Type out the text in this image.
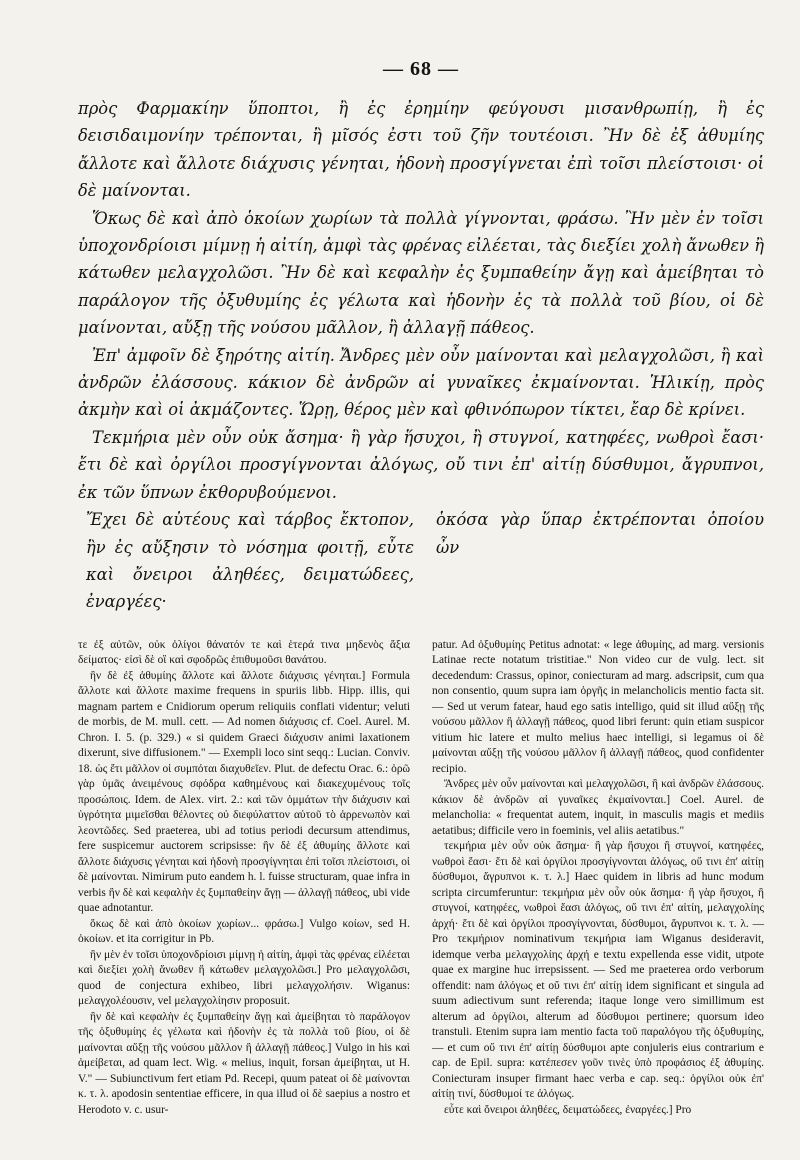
— 68 —

πρὸς Φαρμακίην ὕποπτοι, ἢ ἐς ἐρημίην φεύγουσι μισανθρωπίῃ, ἢ ἐς δεισιδαιμονίην τρέπονται, ἢ μῖσός ἐστι τοῦ ζῆν τουτέοισι. Ἢν δὲ ἐξ ἀθυμίης ἄλλοτε καὶ ἄλλοτε διάχυσις γένηται, ἡδονὴ προσγίγνεται ἐπὶ τοῖσι πλείστοισι· οἱ δὲ μαίνονται.

Ὅκως δὲ καὶ ἀπὸ ὁκοίων χωρίων τὰ πολλὰ γίγνονται, φράσω. Ἢν μὲν ἐν τοῖσι ὑποχονδρίοισι μίμνῃ ἡ αἰτίη, ἀμφὶ τὰς φρένας εἰλέεται, τὰς διεξίει χολὴ ἄνωθεν ἢ κάτωθεν μελαγχολῶσι. Ἢν δὲ καὶ κεφαλὴν ἐς ξυμπαθείην ἄγῃ καὶ ἀμείβηται τὸ παράλογον τῆς ὀξυθυμίης ἐς γέλωτα καὶ ἡδονὴν ἐς τὰ πολλὰ τοῦ βίου, οἱ δὲ μαίνονται, αὔξῃ τῆς νούσου μᾶλλον, ἢ ἀλλαγῇ πάθεος.

Ἐπ' ἀμφοῖν δὲ ξηρότης αἰτίη. Ἄνδρες μὲν οὖν μαίνονται καὶ μελαγχολῶσι, ἢ καὶ ἀνδρῶν ἐλάσσους. κάκιον δὲ ἀνδρῶν αἱ γυναῖκες ἐκμαίνονται. Ἡλικίῃ, πρὸς ἀκμὴν καὶ οἱ ἀκμάζοντες. Ὥρῃ, θέρος μὲν καὶ φθινόπωρον τίκτει, ἔαρ δὲ κρίνει.

Τεκμήρια μὲν οὖν οὐκ ἄσημα· ἢ γὰρ ἥσυχοι, ἢ στυγνοί, κατηφέες, νωθροὶ ἔασι· ἔτι δὲ καὶ ὀργίλοι προσγίγνονται ἀλόγως, οὔ τινι ἐπ' αἰτίῃ δύσθυμοι, ἄγρυπνοι, ἐκ τῶν ὕπνων ἐκθορυβούμενοι.

Ἔχει δὲ αὐτέους καὶ τάρβος ἔκτοπον, ἢν ἐς αὔξησιν τὸ νόσημα φοιτῇ, εὖτε καὶ ὄνειροι ἀληθέες, δειματώδεες, ἐναργέες·
ὁκόσα γὰρ ὕπαρ ἐκτρέπονται ὁποίου ὦν

τε ἐξ αὐτῶν, οὐκ ὀλίγοι θάνατόν τε καὶ ἑτερά τινα μηδενὸς ἄξια δείματος· εἰσὶ δὲ οἳ καὶ σφοδρῶς ἐπιθυμοῦσι θανάτου.

ἢν δὲ ἐξ ἀθυμίης ἄλλοτε καὶ ἄλλοτε διάχυσις γένηται.] Formula ἄλλοτε καὶ ἄλλοτε maxime frequens in spuriis libb. Hipp. illis, qui magnam partem e Cnidiorum operum reliquiis conflati videntur; veluti de morbis, de M. mull. cett. — Ad nomen διάχυσις cf. Coel. Aurel. M. Chron. I. 5. (p. 329.) « si quidem Graeci διάχυσιν animi laxationem dixerunt, sive diffusionem." — Exempli loco sint seqq.: Lucian. Conviv. 18. ὡς ἔτι μᾶλλον οἱ συμπόται διαχυθεῖεν. Plut. de defectu Orac. 6.: ὁρῶ γὰρ ὑμᾶς ἀνειμένους σφόδρα καθημένους καὶ διακεχυμένους τοῖς προσώποις. Idem. de Alex. virt. 2.: καὶ τῶν ὀμμάτων τὴν διάχυσιν καὶ ὑγρότητα μιμεῖσθαι θέλοντες οὐ διεφύλαττον αὐτοῦ τὸ ἀρρενωπὸν καὶ λεοντῶδες. Sed praeterea, ubi ad totius periodi decursum attendimus, fere suspicemur auctorem scripsisse: ἢν δὲ ἐξ ἀθυμίης ἄλλοτε καὶ ἄλλοτε διάχυσις γένηται καὶ ἡδονὴ προσγίγνηται ἐπὶ τοῖσι πλείστοισι, οἱ δὲ μαίνονται. Nimirum puto eandem h. l. fuisse structuram, quae infra in verbis ἢν δὲ καὶ κεφαλὴν ἐς ξυμπαθείην ἄγῃ — ἀλλαγῇ πάθεος, ubi vide quae adnotantur.

ὅκως δὲ καὶ ἀπὸ ὁκοίων χωρίων... φράσω.] Vulgo κοίων, sed H. ὁκοίων. et ita corrigitur in Pb.

ἢν μὲν ἐν τοῖσι ὑποχονδρίοισι μίμνῃ ἡ αἰτίη, ἀμφὶ τὰς φρένας εἰλέεται καὶ διεξίει χολὴ ἄνωθεν ἢ κάτωθεν μελαγχολῶσι.] Pro μελαγχολῶσι, quod de conjectura exhibeo, libri μελαγχολήσιν. Wiganus: μελαγχολέουσιν, vel μελαγχολίησιν proposuit.

ἢν δὲ καὶ κεφαλὴν ἐς ξυμπαθείην ἄγῃ καὶ ἀμείβηται τὸ παράλογον τῆς ὀξυθυμίης ἐς γέλωτα καὶ ἡδονὴν ἐς τὰ πολλὰ τοῦ βίου, οἱ δὲ μαίνονται αὔξῃ τῆς νούσου μᾶλλον ἢ ἀλλαγῇ πάθεος.] Vulgo in his καὶ ἀμείβεται, ad quam lect. Wig. « melius, inquit, forsan ἀμείβηται, ut H. V." — Subiunctivum fert etiam Pd. Recepi, quum pateat οἱ δὲ μαίνονται κ. τ. λ. apodosin sententiae efficere, in qua illud οἱ δὲ saepius a nostro et Herodoto v. c. usur-

patur. Ad ὀξυθυμίης Petitus adnotat: « lege ἀθυμίης, ad marg. versionis Latinae recte notatum tristitiae." Non video cur de vulg. lect. sit decedendum: Crassus, opinor, coniecturam ad marg. adscripsit, cum qua non consentio, quum supra iam ὀργῆς in melancholicis mentio facta sit. — Sed ut verum fatear, haud ego satis intelligo, quid sit illud αὔξῃ τῆς νούσου μᾶλλον ἢ ἀλλαγῇ πάθεος, quod libri ferunt: quin etiam suspicor vitium hic latere et multo melius haec intelligi, si legamus οἱ δὲ μαίνονται αὔξῃ τῆς νούσου μᾶλλον ἢ ἀλλαγῇ πάθεος, quod confidenter recipio.

Ἄνδρες μὲν οὖν μαίνονται καὶ μελαγχολῶσι, ἢ καὶ ἀνδρῶν ἐλάσσους. κάκιον δὲ ἀνδρῶν αἱ γυναῖκες ἐκμαίνονται.] Coel. Aurel. de melancholia: « frequentat autem, inquit, in masculis magis et mediis aetatibus; difficile vero in foeminis, vel aliis aetatibus."

τεκμήρια μὲν οὖν οὐκ ἄσημα· ἢ γὰρ ἥσυχοι ἢ στυγνοί, κατηφέες, νωθροὶ ἔασι· ἔτι δὲ καὶ ὀργίλοι προσγίγνονται ἀλόγως, οὔ τινι ἐπ' αἰτίῃ δύσθυμοι, ἄγρυπνοι κ. τ. λ.] Haec quidem in libris ad hunc modum scripta circumferuntur: τεκμήρια μὲν οὖν οὐκ ἄσημα· ἢ γὰρ ἥσυχοι, ἢ στυγνοί, κατηφέες, νωθροὶ ἔασι ἀλόγως, οὔ τινι ἐπ' αἰτίη, μελαγχολίης ἀρχή· ἔτι δὲ καὶ ὀργίλοι προσγίγνονται, δύσθυμοι, ἄγρυπνοι κ. τ. λ. — Pro τεκμήριον nominativum τεκμήρια iam Wiganus desideravit, idemque verba μελαγχολίης ἀρχή e textu expellenda esse vidit, utpote quae ex margine huc irrepsissent. — Sed me praeterea ordo verborum offendit: nam ἀλόγως et οὔ τινι ἐπ' αἰτίῃ idem significant et singula ad suum adiectivum sunt referenda; itaque longe vero simillimum est alterum ad ὀργίλοι, alterum ad δύσθυμοι pertinere; quorsum ideo transtuli. Etenim supra iam mentio facta τοῦ παραλόγου τῆς ὀξυθυμίης, — et cum οὔ τινι ἐπ' αἰτίῃ δύσθυμοι apte conjuleris eius contrarium e cap. de Epil. supra: κατέπεσεν γοῦν τινὲς ὑπὸ προφάσιος ἐξ ἀθυμίης. Coniecturam insuper firmant haec verba e cap. seq.: ὀργίλοι οὐκ ἐπ' αἰτίῃ τινί, δύσθυμοί τε ἀλόγως.

εὖτε καὶ ὄνειροι ἀληθέες, δειματώδεες, ἐναργέες.] Pro
